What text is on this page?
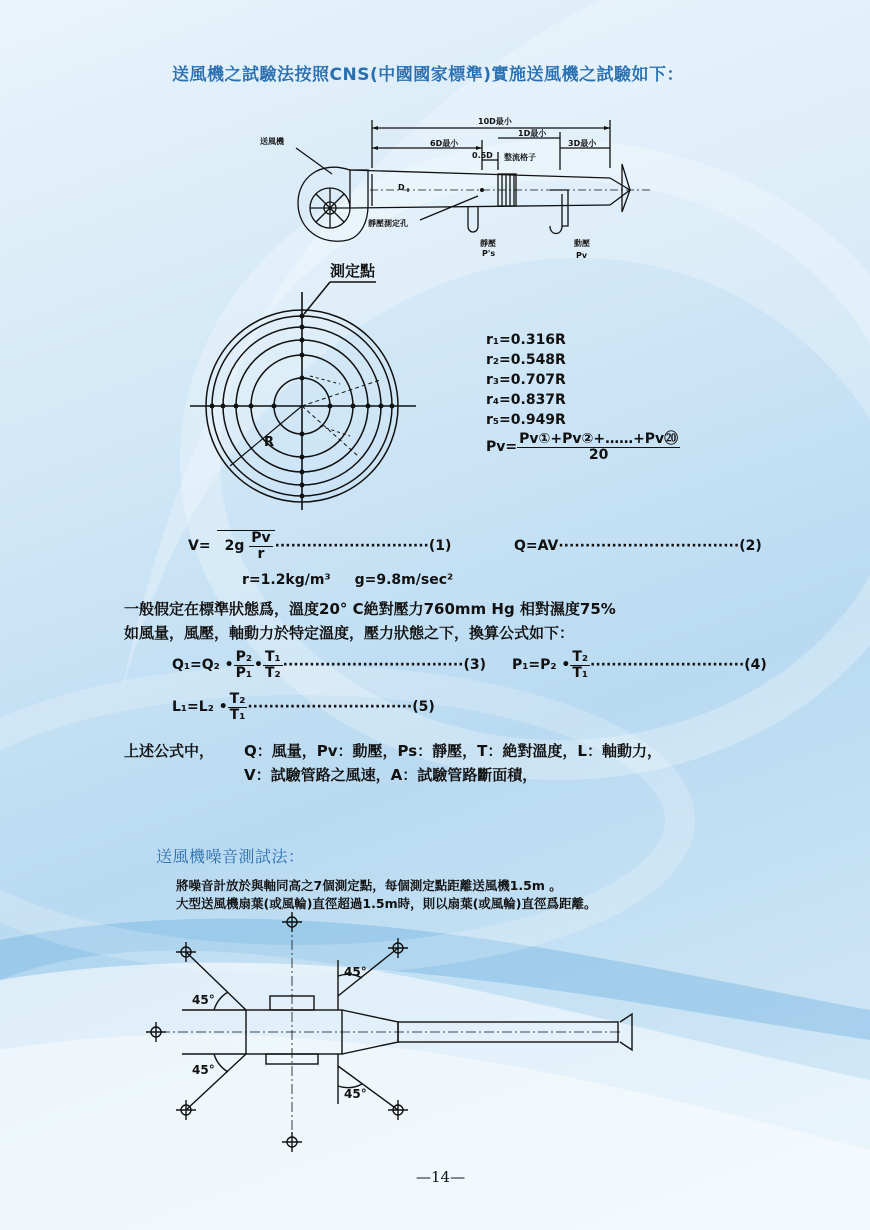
送風機之試驗法按照CNS(中國國家標準)實施送風機之試驗如下：
送風機
10D最小
6D最小
1D最小
3D最小
0.5D 整流格子
D
靜壓測定孔
靜壓
P's
動壓
Pv
測定點
R
r₁=0.316R
r₂=0.548R
r₃=0.707R
r₄=0.837R
r₅=0.949R
$Pv= \frac{\text{Pv①+Pv②+……+Pv⑳}}{20}$
$V= 2g \frac{Pv}{r} \cdot\cdot\cdot\cdot\cdot\cdot\cdot\cdot\cdot\cdot\cdot\cdot\cdot\cdot\cdot\cdot\cdot\cdot\cdot\cdot\cdot\cdot\cdot\cdot\cdot\cdot\cdot\cdot\cdot(1)$	Q=AV··································(2)
r=1.2kg/m³ g=9.8m/sec²
一般假定在標準狀態爲，溫度20° C絶對壓力760mm Hg 相對濕度75%
如風量，風壓，軸動力於特定溫度，壓力狀態之下，換算公式如下：
Q₁=Q₂ • $\frac{\text{P₂}}{\text{P₁}}$ • $\frac{\text{T₁}}{\text{T₂}} \cdot\cdot\cdot\cdot\cdot\cdot\cdot\cdot\cdot\cdot\cdot\cdot\cdot\cdot\cdot\cdot\cdot\cdot\cdot\cdot\cdot\cdot\cdot\cdot\cdot\cdot\cdot\cdot\cdot\cdot\cdot\cdot\cdot\cdot(3)$ P₁=P₂ • $\frac{\text{T₂}}{\text{T₁}} \cdot\cdot\cdot\cdot\cdot\cdot\cdot\cdot\cdot\cdot\cdot\cdot\cdot\cdot\cdot\cdot\cdot\cdot\cdot\cdot\cdot\cdot\cdot\cdot\cdot\cdot\cdot\cdot\cdot(4)$
L₁=L₂ • $\frac{\text{T₂}}{\text{T₁}} \cdot\cdot\cdot\cdot\cdot\cdot\cdot\cdot\cdot\cdot\cdot\cdot\cdot\cdot\cdot\cdot\cdot\cdot\cdot\cdot\cdot\cdot\cdot\cdot\cdot\cdot\cdot\cdot\cdot\cdot\cdot(5)$
上述公式中， Q：風量，Pv：動壓，Ps：靜壓，T：絶對溫度，L：軸動力，
V：試驗管路之風速，A：試驗管路斷面積，
送風機噪音測試法：
將噪音計放於與軸同高之7個測定點，每個測定點距離送風機1.5m 。
大型送風機扇葉(或風輪)直徑超過1.5m時，則以扇葉(或風輪)直徑爲距離。
45°
45°
45°
45°
—14—
